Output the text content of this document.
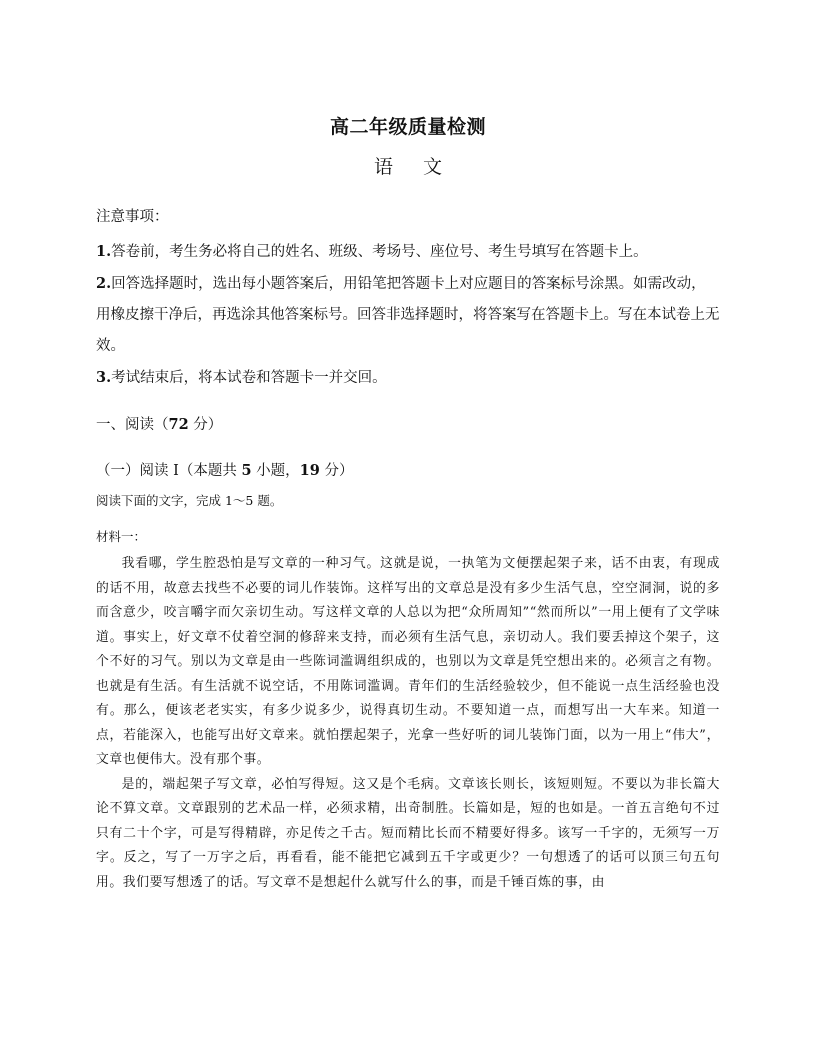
高二年级质量检测
语 文
注意事项：

1.答卷前，考生务必将自己的姓名、班级、考场号、座位号、考生号填写在答题卡上。

2.回答选择题时，选出每小题答案后，用铅笔把答题卡上对应题目的答案标号涂黑。如需改动，用橡皮擦干净后，再选涂其他答案标号。回答非选择题时，将答案写在答题卡上。写在本试卷上无效。

3.考试结束后，将本试卷和答题卡一并交回。

一、阅读（72 分）
（一）阅读 I（本题共 5 小题，19 分）
阅读下面的文字，完成 1～5 题。
材料一：

我看哪，学生腔恐怕是写文章的一种习气。这就是说，一执笔为文便摆起架子来，话不由衷，有现成的话不用，故意去找些不必要的词儿作装饰。这样写出的文章总是没有多少生活气息，空空洞洞，说的多而含意少，咬言嚼字而欠亲切生动。写这样文章的人总以为把“众所周知”“然而所以”一用上便有了文学味道。事实上，好文章不仗着空洞的修辞来支持，而必须有生活气息，亲切动人。我们要丢掉这个架子，这个不好的习气。别以为文章是由一些陈词滥调组织成的，也别以为文章是凭空想出来的。必须言之有物。也就是有生活。有生活就不说空话，不用陈词滥调。青年们的生活经验较少，但不能说一点生活经验也没有。那么，便该老老实实，有多少说多少，说得真切生动。不要知道一点，而想写出一大车来。知道一点，若能深入，也能写出好文章来。就怕摆起架子，光拿一些好听的词儿装饰门面，以为一用上“伟大”，文章也便伟大。没有那个事。

是的，端起架子写文章，必怕写得短。这又是个毛病。文章该长则长，该短则短。不要以为非长篇大论不算文章。文章跟别的艺术品一样，必须求精，出奇制胜。长篇如是，短的也如是。一首五言绝句不过只有二十个字，可是写得精辟，亦足传之千古。短而精比长而不精要好得多。该写一千字的，无须写一万字。反之，写了一万字之后，再看看，能不能把它减到五千字或更少？一句想透了的话可以顶三句五句用。我们要写想透了的话。写文章不是想起什么就写什么的事，而是千锤百炼的事，由
